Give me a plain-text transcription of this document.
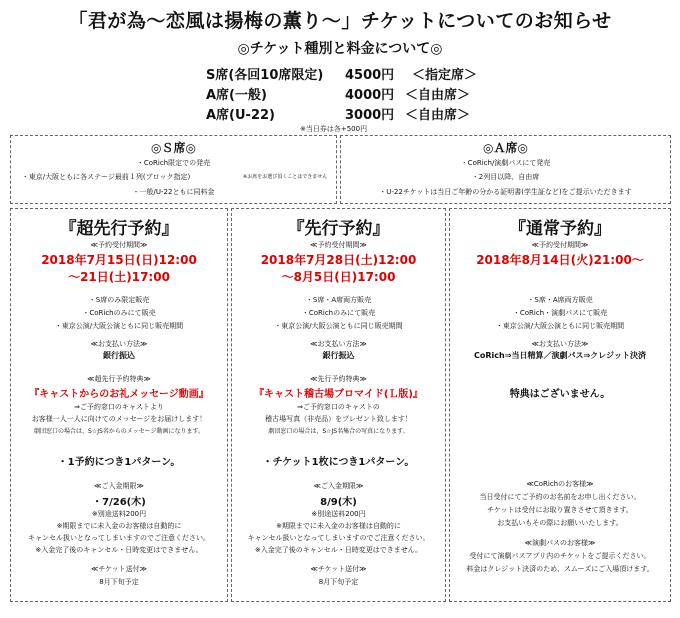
「君が為〜恋風は揚梅の薫り〜」チケットについてのお知らせ
◎チケット種別と料金について◎
S席(各回10席限定) 4500円 ＜指定席＞
A席(一般)	4000円 ＜自由席＞
A席(U-22)	3000円 ＜自由席＞
※当日券は各+500円
◎Ｓ席◎
・CoRich限定での発売
・東京/大阪ともに各ステージ最前１列(ブロック指定)	※お席をお選び頂くことはできません
・一般/U-22ともに同料金
◎Ａ席◎
・CoRich/演劇パスにて発売
・2列目以降、自由席
・U-22チケットは当日ご年齢の分かる証明書(学生証など)をご提示いただきます
『超先行予約』
≪予約受付期間≫
2018年7月15日(日)12:00
〜21日(土)17:00
・S席のみ限定販売
・CoRichのみにて販売
・東京公演/大阪公演ともに同じ販売期間
≪お支払い方法≫
銀行振込
≪超先行予約特典≫
『キャストからのお礼メッセージ動画』
⇒ご予約窓口のキャストより
お客様一人一人に向けてのメッセージをお届けします！
劇団窓口の場合は、S☆JS名からのメッセージ動画になります。
・1予約につき1パターン。
≪ご入金期限≫
・7/26(木)
※別途送料200円
※期限までに未入金のお客様は自動的に
キャンセル扱いとなってしまいますのでご注意ください。
※入金完了後のキャンセル・日時変更はできません。
≪チケット送付≫
8月下旬予定
『先行予約』
≪予約受付期間≫
2018年7月28日(土)12:00
〜8月5日(日)17:00
・S席・A席両方販売
・CoRichのみにて販売
・東京公演/大阪公演ともに同じ販売期間
≪お支払い方法≫
銀行振込
≪先行予約特典≫
『キャスト稽古場ブロマイド(Ｌ版)』
⇒ご予約窓口のキャストの
稽古場写真（非売品）をプレゼント致します！
劇団窓口の場合は、S☆JS名集合の写真になります。
・チケット1枚につき1パターン。
≪ご入金期限≫
8/9(木)
※別途送料200円
※期限までに未入金のお客様は自動的に
キャンセル扱いとなってしまいますのでご注意ください。
※入金完了後のキャンセル・日時変更はできません。
≪チケット送付≫
8月下旬予定
『通常予約』
≪予約受付期間≫
2018年8月14日(火)21:00〜
・S席・A席両方販売
・CoRich・演劇パスにて販売
・東京公演/大阪公演ともに同じ販売期間
≪お支払い方法≫
CoRich⇒当日精算／演劇パス⇒クレジット決済
特典はございません。
≪CoRichのお客様≫
当日受付にてご予約のお名前をお申し出ください。
チケットは受付にお取り置きさせて頂きます。
お支払いもその際にお願いいたします。
≪演劇パスのお客様≫
受付にて演劇パスアプリ内のチケットをご提示ください。
料金はクレジット決済のため、スムーズにご入場頂けます。
